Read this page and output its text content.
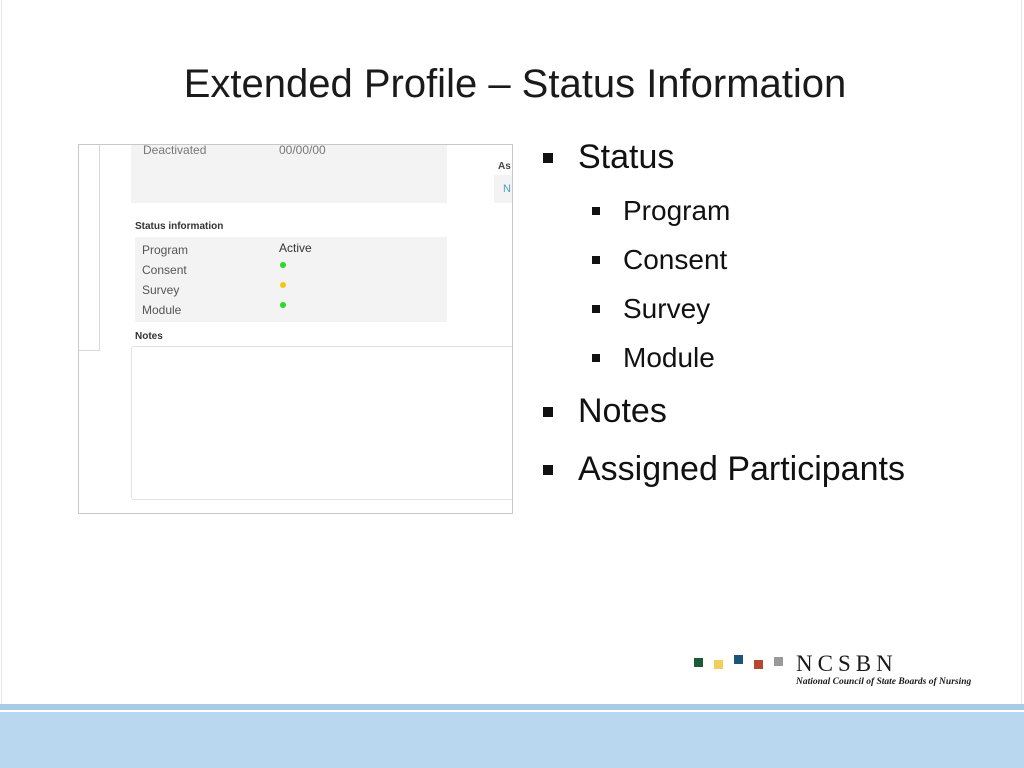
Extended Profile – Status Information
Deactivated	00/00/00
As
N
Status information
Program	Active
Consent
Survey
Module
Notes
Status
Program
Consent
Survey
Module
Notes
Assigned Participants
NCSBN
National Council of State Boards of Nursing
